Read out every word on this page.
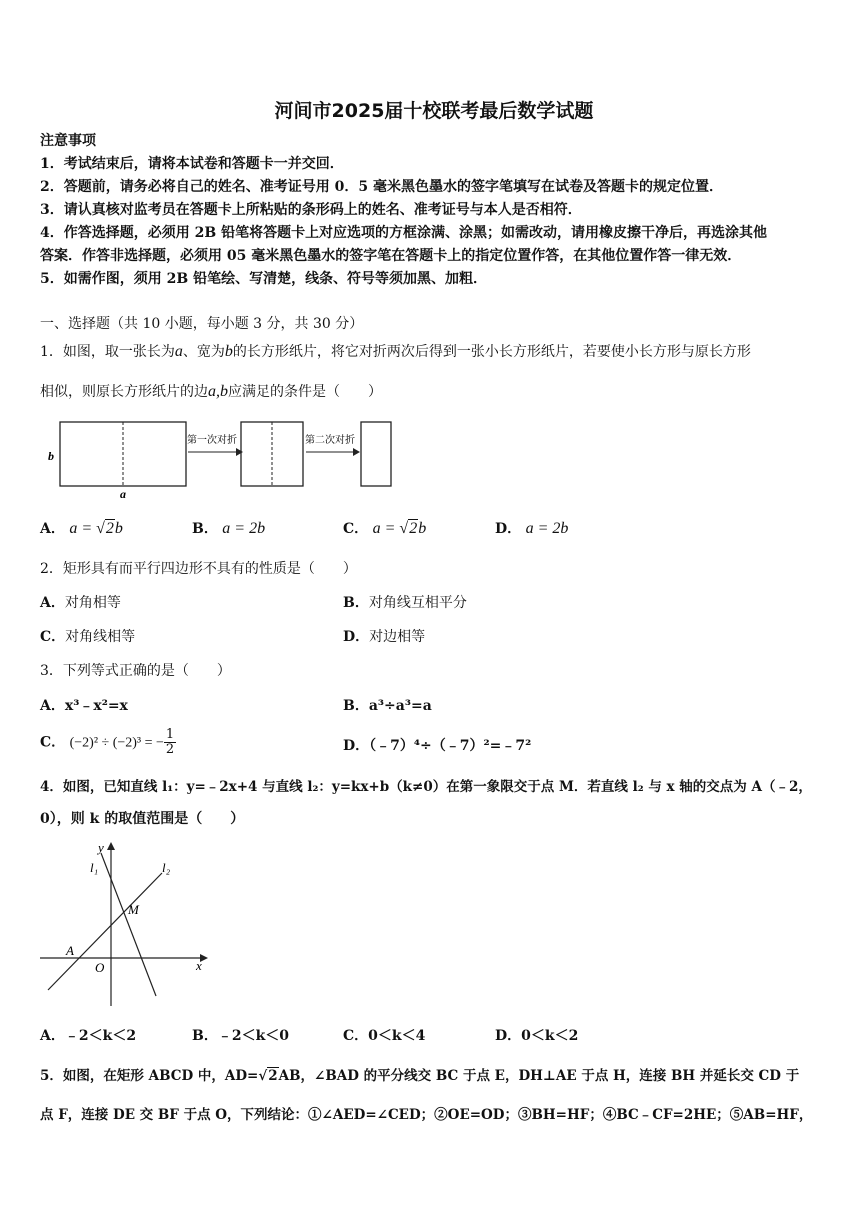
河间市2025届十校联考最后数学试题
注意事项
1．考试结束后，请将本试卷和答题卡一并交回．
2．答题前，请务必将自己的姓名、准考证号用 0．5 毫米黑色墨水的签字笔填写在试卷及答题卡的规定位置．
3．请认真核对监考员在答题卡上所粘贴的条形码上的姓名、准考证号与本人是否相符．
4．作答选择题，必须用 2B 铅笔将答题卡上对应选项的方框涂满、涂黑；如需改动，请用橡皮擦干净后，再选涂其他
答案．作答非选择题，必须用 05 毫米黑色墨水的签字笔在答题卡上的指定位置作答，在其他位置作答一律无效．
5．如需作图，须用 2B 铅笔绘、写清楚，线条、符号等须加黑、加粗．
一、选择题（共 10 小题，每小题 3 分，共 30 分）
1．如图，取一张长为a、宽为b的长方形纸片，将它对折两次后得到一张小长方形纸片，若要使小长方形与原长方形
相似，则原长方形纸片的边a,b应满足的条件是（　　）
b
a
第一次对折	第二次对折
A． a = √2b	B． a = 2b	C． a = √2b	D． a = 2b
2．矩形具有而平行四边形不具有的性质是（　　）
A．对角相等	B．对角线互相平分
C．对角线相等	D．对边相等
3．下列等式正确的是（　　）
A．x³﹣x²=x	B．a³÷a³=a
C． (−2)² ÷ (−2)³ = − $\frac{1}{2}$	D．（﹣7）⁴÷（﹣7）²=﹣7²
4．如图，已知直线 l₁：y=﹣2x+4 与直线 l₂：y=kx+b（k≠0）在第一象限交于点 M．若直线 l₂ 与 x 轴的交点为 A（﹣2，
0），则 k 的取值范围是（　　）
y
x
O
A
M
l₁	l₂
A．﹣2＜k＜2	B．﹣2＜k＜0	C．0＜k＜4	D．0＜k＜2
5．如图，在矩形 ABCD 中，AD=√2AB，∠BAD 的平分线交 BC 于点 E，DH⊥AE 于点 H，连接 BH 并延长交 CD 于
点 F，连接 DE 交 BF 于点 O，下列结论：①∠AED=∠CED；②OE=OD；③BH=HF；④BC﹣CF=2HE；⑤AB=HF，
